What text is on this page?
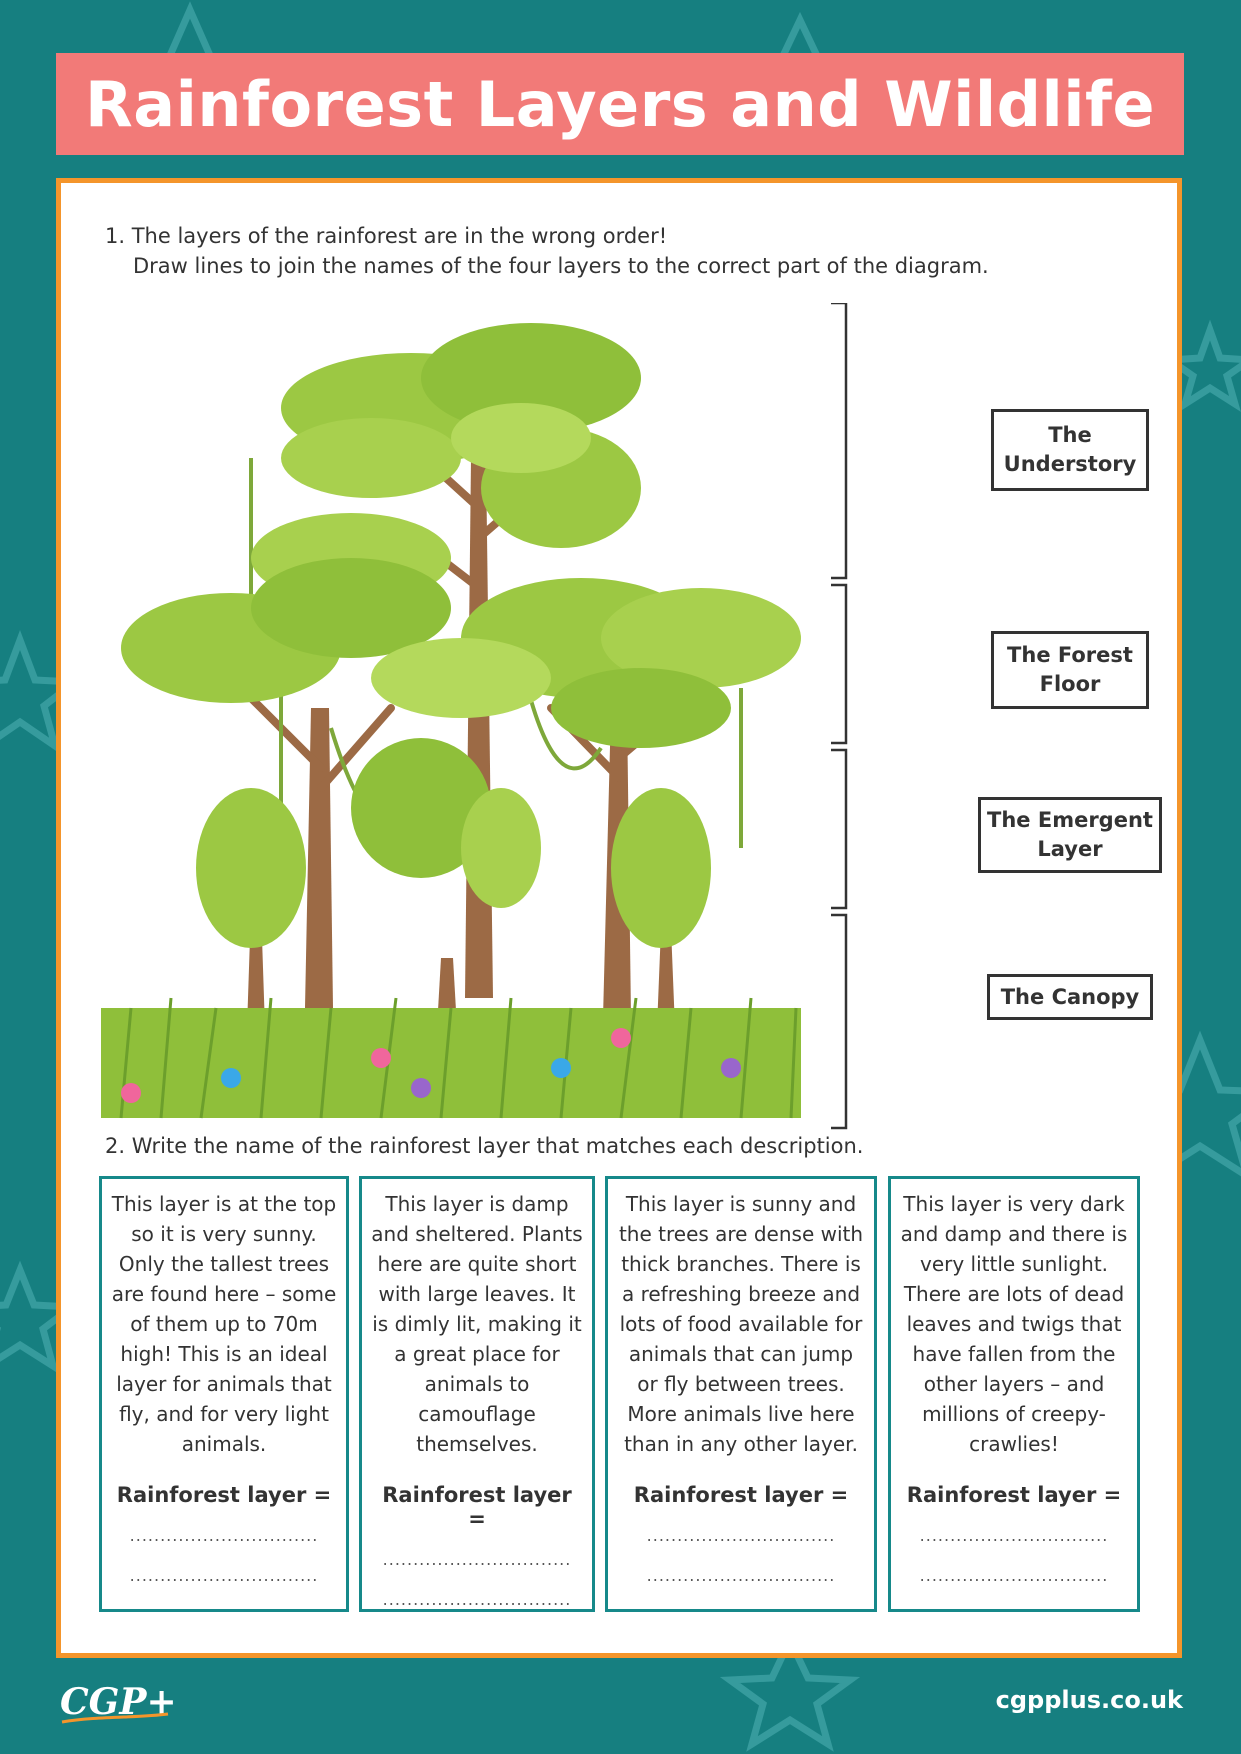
Rainforest Layers and Wildlife
1. The layers of the rainforest are in the wrong order!
Draw lines to join the names of the four layers to the correct part of the diagram.
The Understory
The Forest Floor
The Emergent Layer
The Canopy
2. Write the name of the rainforest layer that matches each description.
This layer is at the top so it is very sunny. Only the tallest trees are found here – some of them up to 70m high! This is an ideal layer for animals that fly, and for very light animals.
Rainforest layer =
...............................
...............................
This layer is damp and sheltered. Plants here are quite short with large leaves. It is dimly lit, making it a great place for animals to camouflage themselves.
Rainforest layer =
...............................
...............................
This layer is sunny and the trees are dense with thick branches. There is a refreshing breeze and lots of food available for animals that can jump or fly between trees. More animals live here than in any other layer.
Rainforest layer =
...............................
...............................
This layer is very dark and damp and there is very little sunlight. There are lots of dead leaves and twigs that have fallen from the other layers – and millions of creepy-crawlies!
Rainforest layer =
...............................
...............................
CGP+	cgpplus.co.uk
